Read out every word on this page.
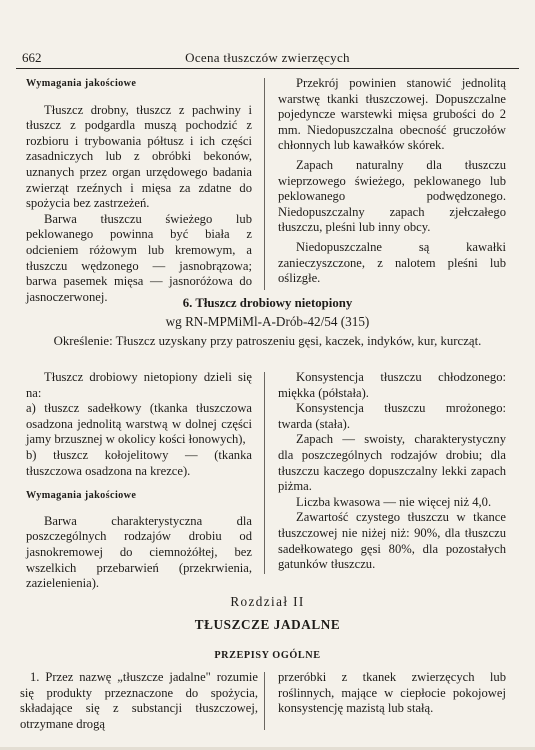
662	Ocena tłuszczów zwierzęcych

Wymagania jakościowe

Tłuszcz drobny, tłuszcz z pachwiny i tłuszcz z podgardla muszą pochodzić z rozbioru i trybowania półtusz i ich części zasadniczych lub z obróbki bekonów, uznanych przez organ urzędowego badania zwierząt rzeźnych i mięsa za zdatne do spożycia bez zastrzeżeń.

Barwa tłuszczu świeżego lub peklowanego powinna być biała z odcieniem różowym lub kremowym, a tłuszczu wędzonego — jasnobrązowa; barwa pasemek mięsa — jasnoróżowa do jasnoczerwonej.

Przekrój powinien stanowić jednolitą warstwę tkanki tłuszczowej. Dopuszczalne pojedyncze warstewki mięsa grubości do 2 mm. Niedopuszczalna obecność gruczołów chłonnych lub kawałków skórek.

Zapach naturalny dla tłuszczu wieprzowego świeżego, peklowanego lub peklowanego podwędzonego. Niedopuszczalny zapach zjełczałego tłuszczu, pleśni lub inny obcy.

Niedopuszczalne są kawałki zanieczyszczone, z nalotem pleśni lub oślizgłe.

6. Tłuszcz drobiowy nietopiony
wg RN-MPMiMl-A-Drób-42/54 (315)
Określenie: Tłuszcz uzyskany przy patroszeniu gęsi, kaczek, indyków, kur, kurcząt.

Tłuszcz drobiowy nietopiony dzieli się na:

a) tłuszcz sadełkowy (tkanka tłuszczowa osadzona jednolitą warstwą w dolnej części jamy brzusznej w okolicy kości łonowych),

b) tłuszcz kołojelitowy — (tkanka tłuszczowa osadzona na krezce).

Wymagania jakościowe

Barwa charakterystyczna dla poszczególnych rodzajów drobiu od jasnokremowej do ciemnożółtej, bez wszelkich przebarwień (przekrwienia, zazielenienia).

Konsystencja tłuszczu chłodzonego: miękka (półstała).

Konsystencja tłuszczu mrożonego: twarda (stała).

Zapach — swoisty, charakterystyczny dla poszczególnych rodzajów drobiu; dla tłuszczu kaczego dopuszczalny lekki zapach piżma.

Liczba kwasowa — nie więcej niż 4,0.

Zawartość czystego tłuszczu w tkance tłuszczowej nie niżej niż: 90%, dla tłuszczu sadełkowatego gęsi 80%, dla pozostałych gatunków tłuszczu.

Rozdział II
TŁUSZCZE JADALNE
PRZEPISY OGÓLNE

1. Przez nazwę „tłuszcze jadalne" rozumie się produkty przeznaczone do spożycia, składające się z substancji tłuszczowej, otrzymane drogą

przeróbki z tkanek zwierzęcych lub roślinnych, mające w ciepłocie pokojowej konsystencję mazistą lub stałą.
